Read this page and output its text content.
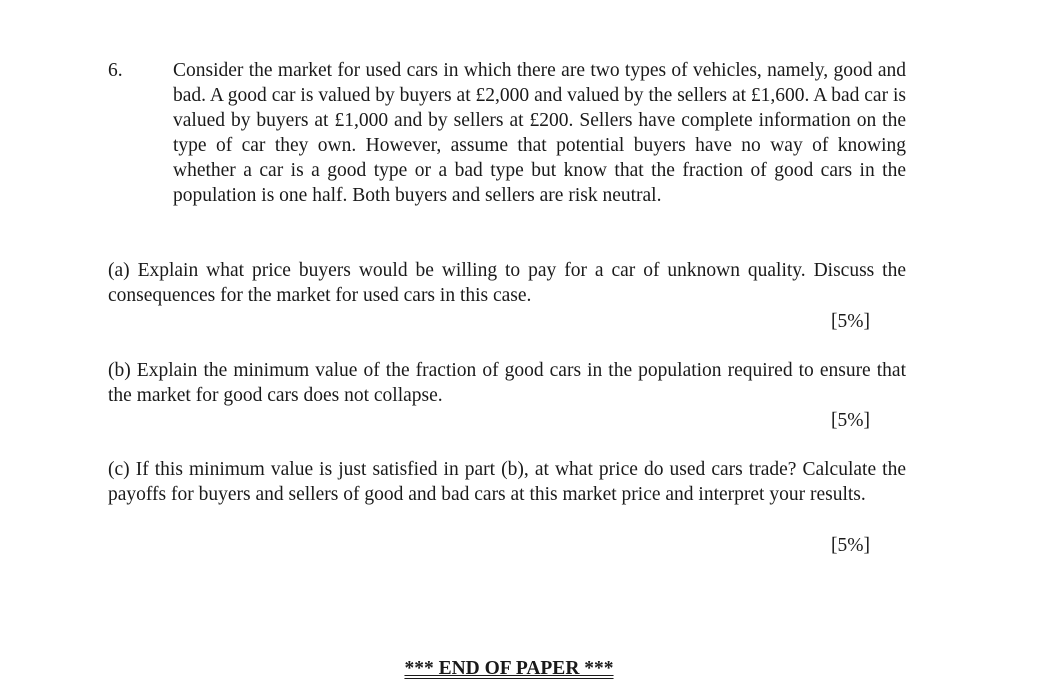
6.	Consider the market for used cars in which there are two types of vehicles, namely, good and bad. A good car is valued by buyers at £2,000 and valued by the sellers at £1,600. A bad car is valued by buyers at £1,000 and by sellers at £200. Sellers have complete information on the type of car they own. However, assume that potential buyers have no way of knowing whether a car is a good type or a bad type but know that the fraction of good cars in the population is one half. Both buyers and sellers are risk neutral.
(a) Explain what price buyers would be willing to pay for a car of unknown quality. Discuss the consequences for the market for used cars in this case.
[5%]
(b) Explain the minimum value of the fraction of good cars in the population required to ensure that the market for good cars does not collapse.
[5%]
(c) If this minimum value is just satisfied in part (b), at what price do used cars trade? Calculate the payoffs for buyers and sellers of good and bad cars at this market price and interpret your results.
[5%]
*** END OF PAPER ***
